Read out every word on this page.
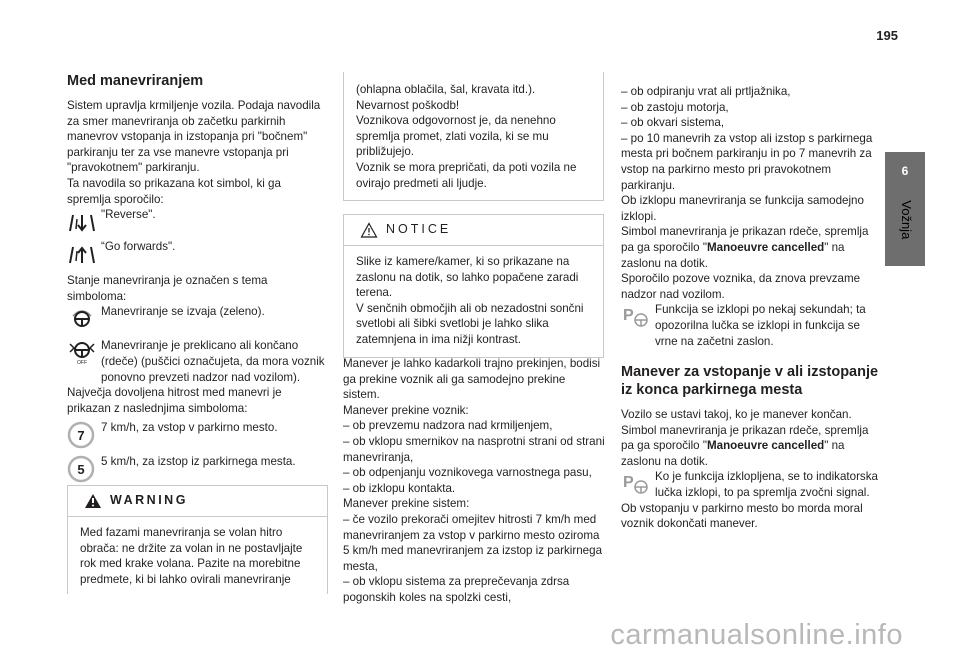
195
6
Vožnja
Med manevriranjem

Sistem upravlja krmiljenje vozila. Podaja navodila za smer manevriranja ob začetku parkirnih manevrov vstopanja in izstopanja pri "bočnem" parkiranju ter za vse manevre vstopanja pri "pravokotnem" parkiranju.
Ta navodila so prikazana kot simbol, ki ga spremlja sporočilo:

"Reverse".
“Go forwards".

Stanje manevriranja je označen s tema simboloma:

Manevriranje se izvaja (zeleno).
OFF
Manevriranje je preklicano ali končano (rdeče) (puščici označujeta, da mora voznik ponovno prevzeti nadzor nad vozilom).

Največja dovoljena hitrost med manevri je prikazan z naslednjima simboloma:

7
7 km/h, za vstop v parkirno mesto.
5
5 km/h, za izstop iz parkirnega mesta.
WARNING

Med fazami manevriranja se volan hitro obrača: ne držite za volan in ne postavljajte rok med krake volana. Pazite na morebitne predmete, ki bi lahko ovirali manevriranje

(ohlapna oblačila, šal, kravata itd.). Nevarnost poškodb!
Voznikova odgovornost je, da nenehno spremlja promet, zlati vozila, ki se mu približujejo.
Voznik se mora prepričati, da poti vozila ne ovirajo predmeti ali ljudje.

NOTICE

Slike iz kamere/kamer, ki so prikazane na zaslonu na dotik, so lahko popačene zaradi terena.
V senčnih območjih ali ob nezadostni sončni svetlobi ali šibki svetlobi je lahko slika zatemnjena in ima nižji kontrast.

Manever je lahko kadarkoli trajno prekinjen, bodisi ga prekine voznik ali ga samodejno prekine sistem.
Manever prekine voznik:
– ob prevzemu nadzora nad krmiljenjem,
– ob vklopu smernikov na nasprotni strani od strani manevriranja,
– ob odpenjanju voznikovega varnostnega pasu,
– ob izklopu kontakta.
Manever prekine sistem:
– če vozilo prekorači omejitev hitrosti 7 km/h med manevriranjem za vstop v parkirno mesto oziroma 5 km/h med manevriranjem za izstop iz parkirnega mesta,
– ob vklopu sistema za preprečevanja zdrsa pogonskih koles na spolzki cesti,

– ob odpiranju vrat ali prtljažnika,
– ob zastoju motorja,
– ob okvari sistema,
– po 10 manevrih za vstop ali izstop s parkirnega mesta pri bočnem parkiranju in po 7 manevrih za vstop na parkirno mesto pri pravokotnem parkiranju.
Ob izklopu manevriranja se funkcija samodejno izklopi.

Simbol manevriranja je prikazan rdeče, spremlja pa ga sporočilo "Manoeuvre cancelled" na zaslonu na dotik.

Sporočilo pozove voznika, da znova prevzame nadzor nad vozilom.

P Funkcija se izklopi po nekaj sekundah; ta opozorilna lučka se izklopi in funkcija se vrne na začetni zaslon.
Manever za vstopanje v ali izstopanje iz konca parkirnega mesta

Vozilo se ustavi takoj, ko je manever končan. Simbol manevriranja je prikazan rdeče, spremlja pa ga sporočilo "Manoeuvre cancelled" na zaslonu na dotik.

P Ko je funkcija izklopljena, se to indikatorska lučka izklopi, to pa spremlja zvočni signal.

Ob vstopanju v parkirno mesto bo morda moral voznik dokončati manever.

carmanualsonline.info
